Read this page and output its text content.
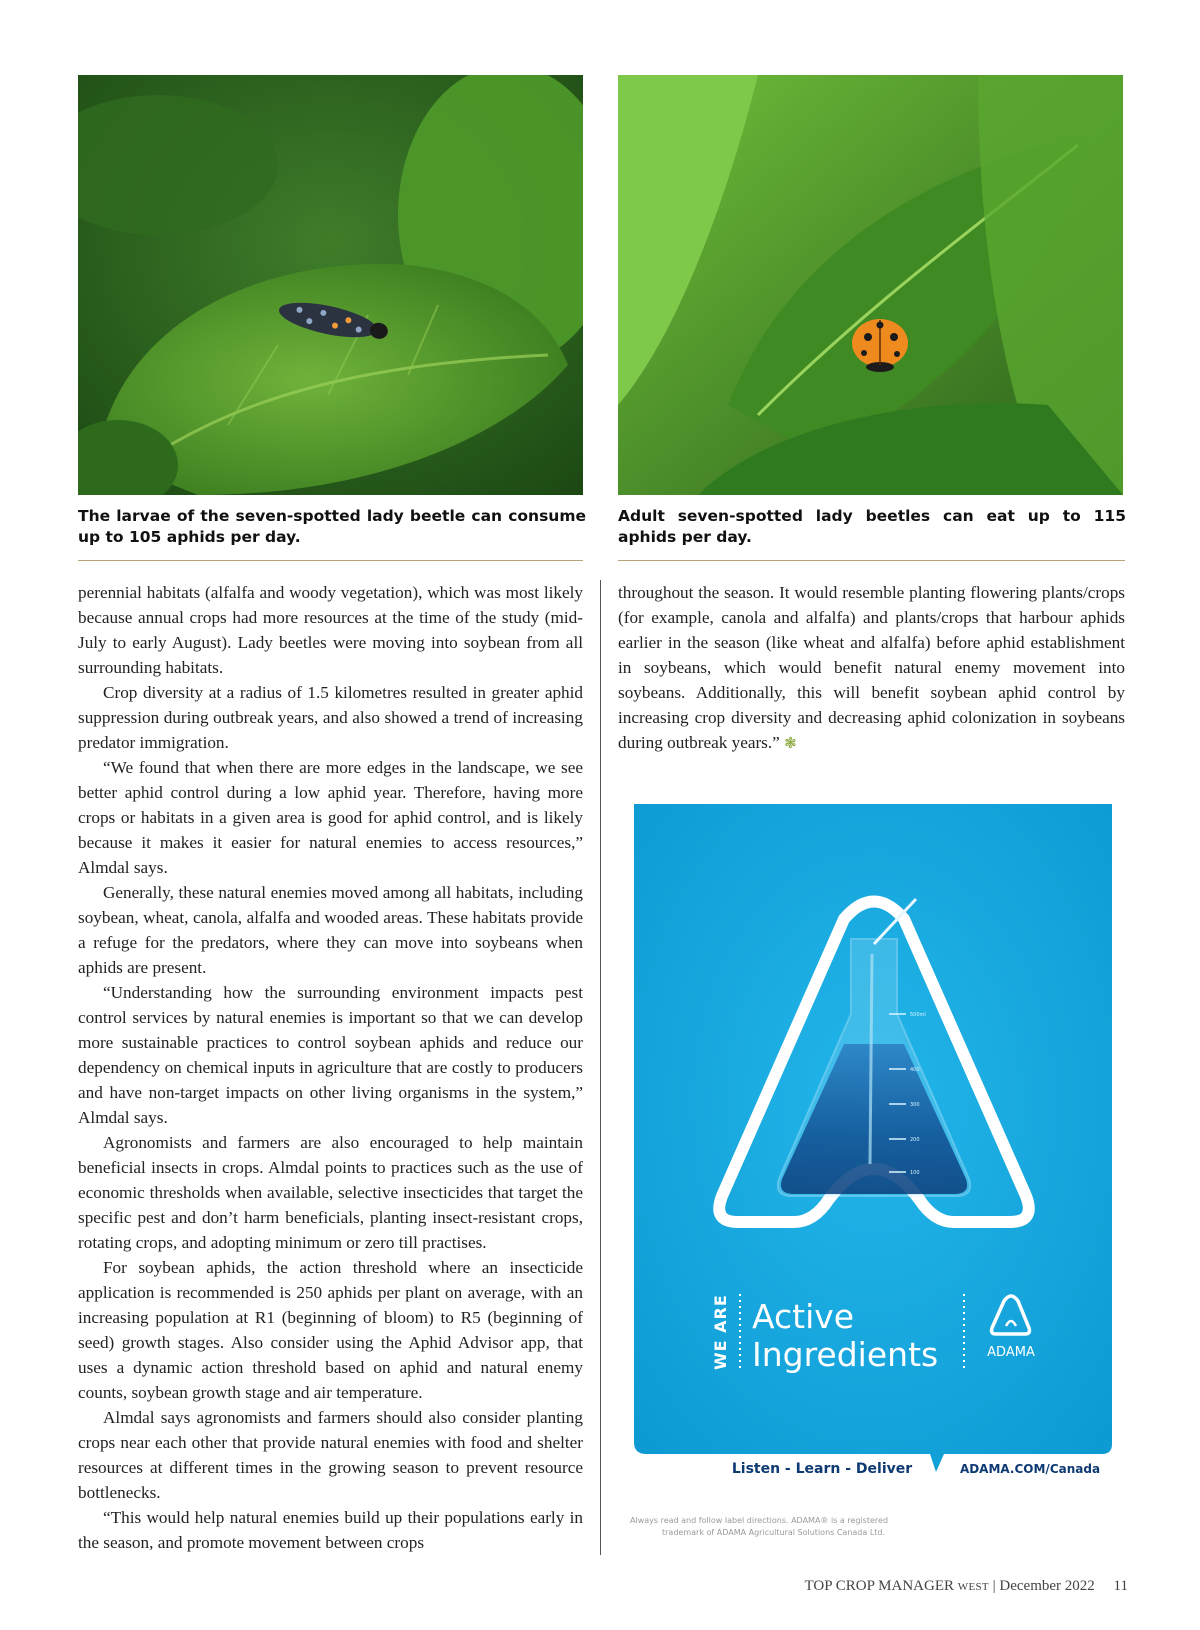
The larvae of the seven-spotted lady beetle can consume up to 105 aphids per day.
Adult seven-spotted lady beetles can eat up to 115 aphids per day.

perennial habitats (alfalfa and woody vegetation), which was most likely because annual crops had more resources at the time of the study (mid-July to early August). Lady beetles were moving into soybean from all surrounding habitats.

Crop diversity at a radius of 1.5 kilometres resulted in greater aphid suppression during outbreak years, and also showed a trend of increasing predator immigration.

“We found that when there are more edges in the landscape, we see better aphid control during a low aphid year. Therefore, having more crops or habitats in a given area is good for aphid control, and is likely because it makes it easier for natural enemies to access resources,” Almdal says.

Generally, these natural enemies moved among all habitats, including soybean, wheat, canola, alfalfa and wooded areas. These habitats provide a refuge for the predators, where they can move into soybeans when aphids are present.

“Understanding how the surrounding environment impacts pest control services by natural enemies is important so that we can develop more sustainable practices to control soybean aphids and reduce our dependency on chemical inputs in agriculture that are costly to producers and have non-target impacts on other living organisms in the system,” Almdal says.

Agronomists and farmers are also encouraged to help maintain beneficial insects in crops. Almdal points to practices such as the use of economic thresholds when available, selective insecticides that target the specific pest and don’t harm beneficials, planting insect-resistant crops, rotating crops, and adopting minimum or zero till practises.

For soybean aphids, the action threshold where an insecticide application is recommended is 250 aphids per plant on average, with an increasing population at R1 (beginning of bloom) to R5 (beginning of seed) growth stages. Also consider using the Aphid Advisor app, that uses a dynamic action threshold based on aphid and natural enemy counts, soybean growth stage and air temperature.

Almdal says agronomists and farmers should also consider planting crops near each other that provide natural enemies with food and shelter resources at different times in the growing season to prevent resource bottlenecks.

“This would help natural enemies build up their populations early in the season, and promote movement between crops

throughout the season. It would resemble planting flowering plants/crops (for example, canola and alfalfa) and plants/crops that harbour aphids earlier in the season (like wheat and alfalfa) before aphid establishment in soybeans, which would benefit natural enemy movement into soybeans. Additionally, this will benefit soybean aphid control by increasing crop diversity and decreasing aphid colonization in soybeans during outbreak years.” ❃

500ml
400
300
200
100
WE ARE Active
Ingredients	ADAMA
Listen - Learn - Deliver	ADAMA.COM/Canada
Always read and follow label directions. ADAMA® is a registered
trademark of ADAMA Agricultural Solutions Canada Ltd.
TOP CROP MANAGER WEST | December 2022 11
